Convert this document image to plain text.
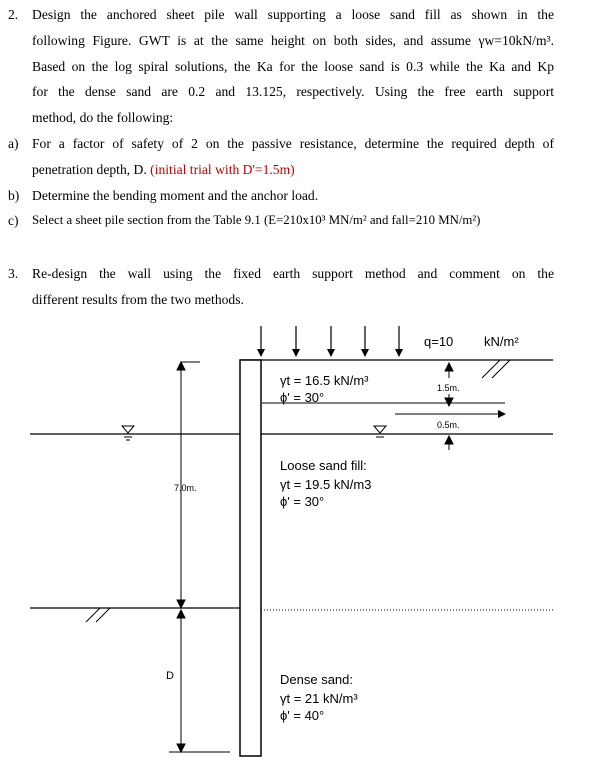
2. Design the anchored sheet pile wall supporting a loose sand fill as shown in the
following Figure. GWT is at the same height on both sides, and assume γw=10kN/m³.
Based on the log spiral solutions, the Ka for the loose sand is 0.3 while the Ka and Kp
for the dense sand are 0.2 and 13.125, respectively. Using the free earth support
method, do the following:
a) For a factor of safety of 2 on the passive resistance, determine the required depth of
penetration depth, D. (initial trial with D'=1.5m)
b) Determine the bending moment and the anchor load.
c) Select a sheet pile section from the Table 9.1 (E=210x10³ MN/m² and fall=210 MN/m²)
3. Re-design the wall using the fixed earth support method and comment on the
different results from the two methods.
q=10 kN/m²
7.0m.
D
1.5m.
0.5m.
γt = 16.5 kN/m³
ϕ' = 30°
Loose sand fill:
γt = 19.5 kN/m3
ϕ' = 30°
Dense sand:
γt = 21 kN/m³
ϕ' = 40°
